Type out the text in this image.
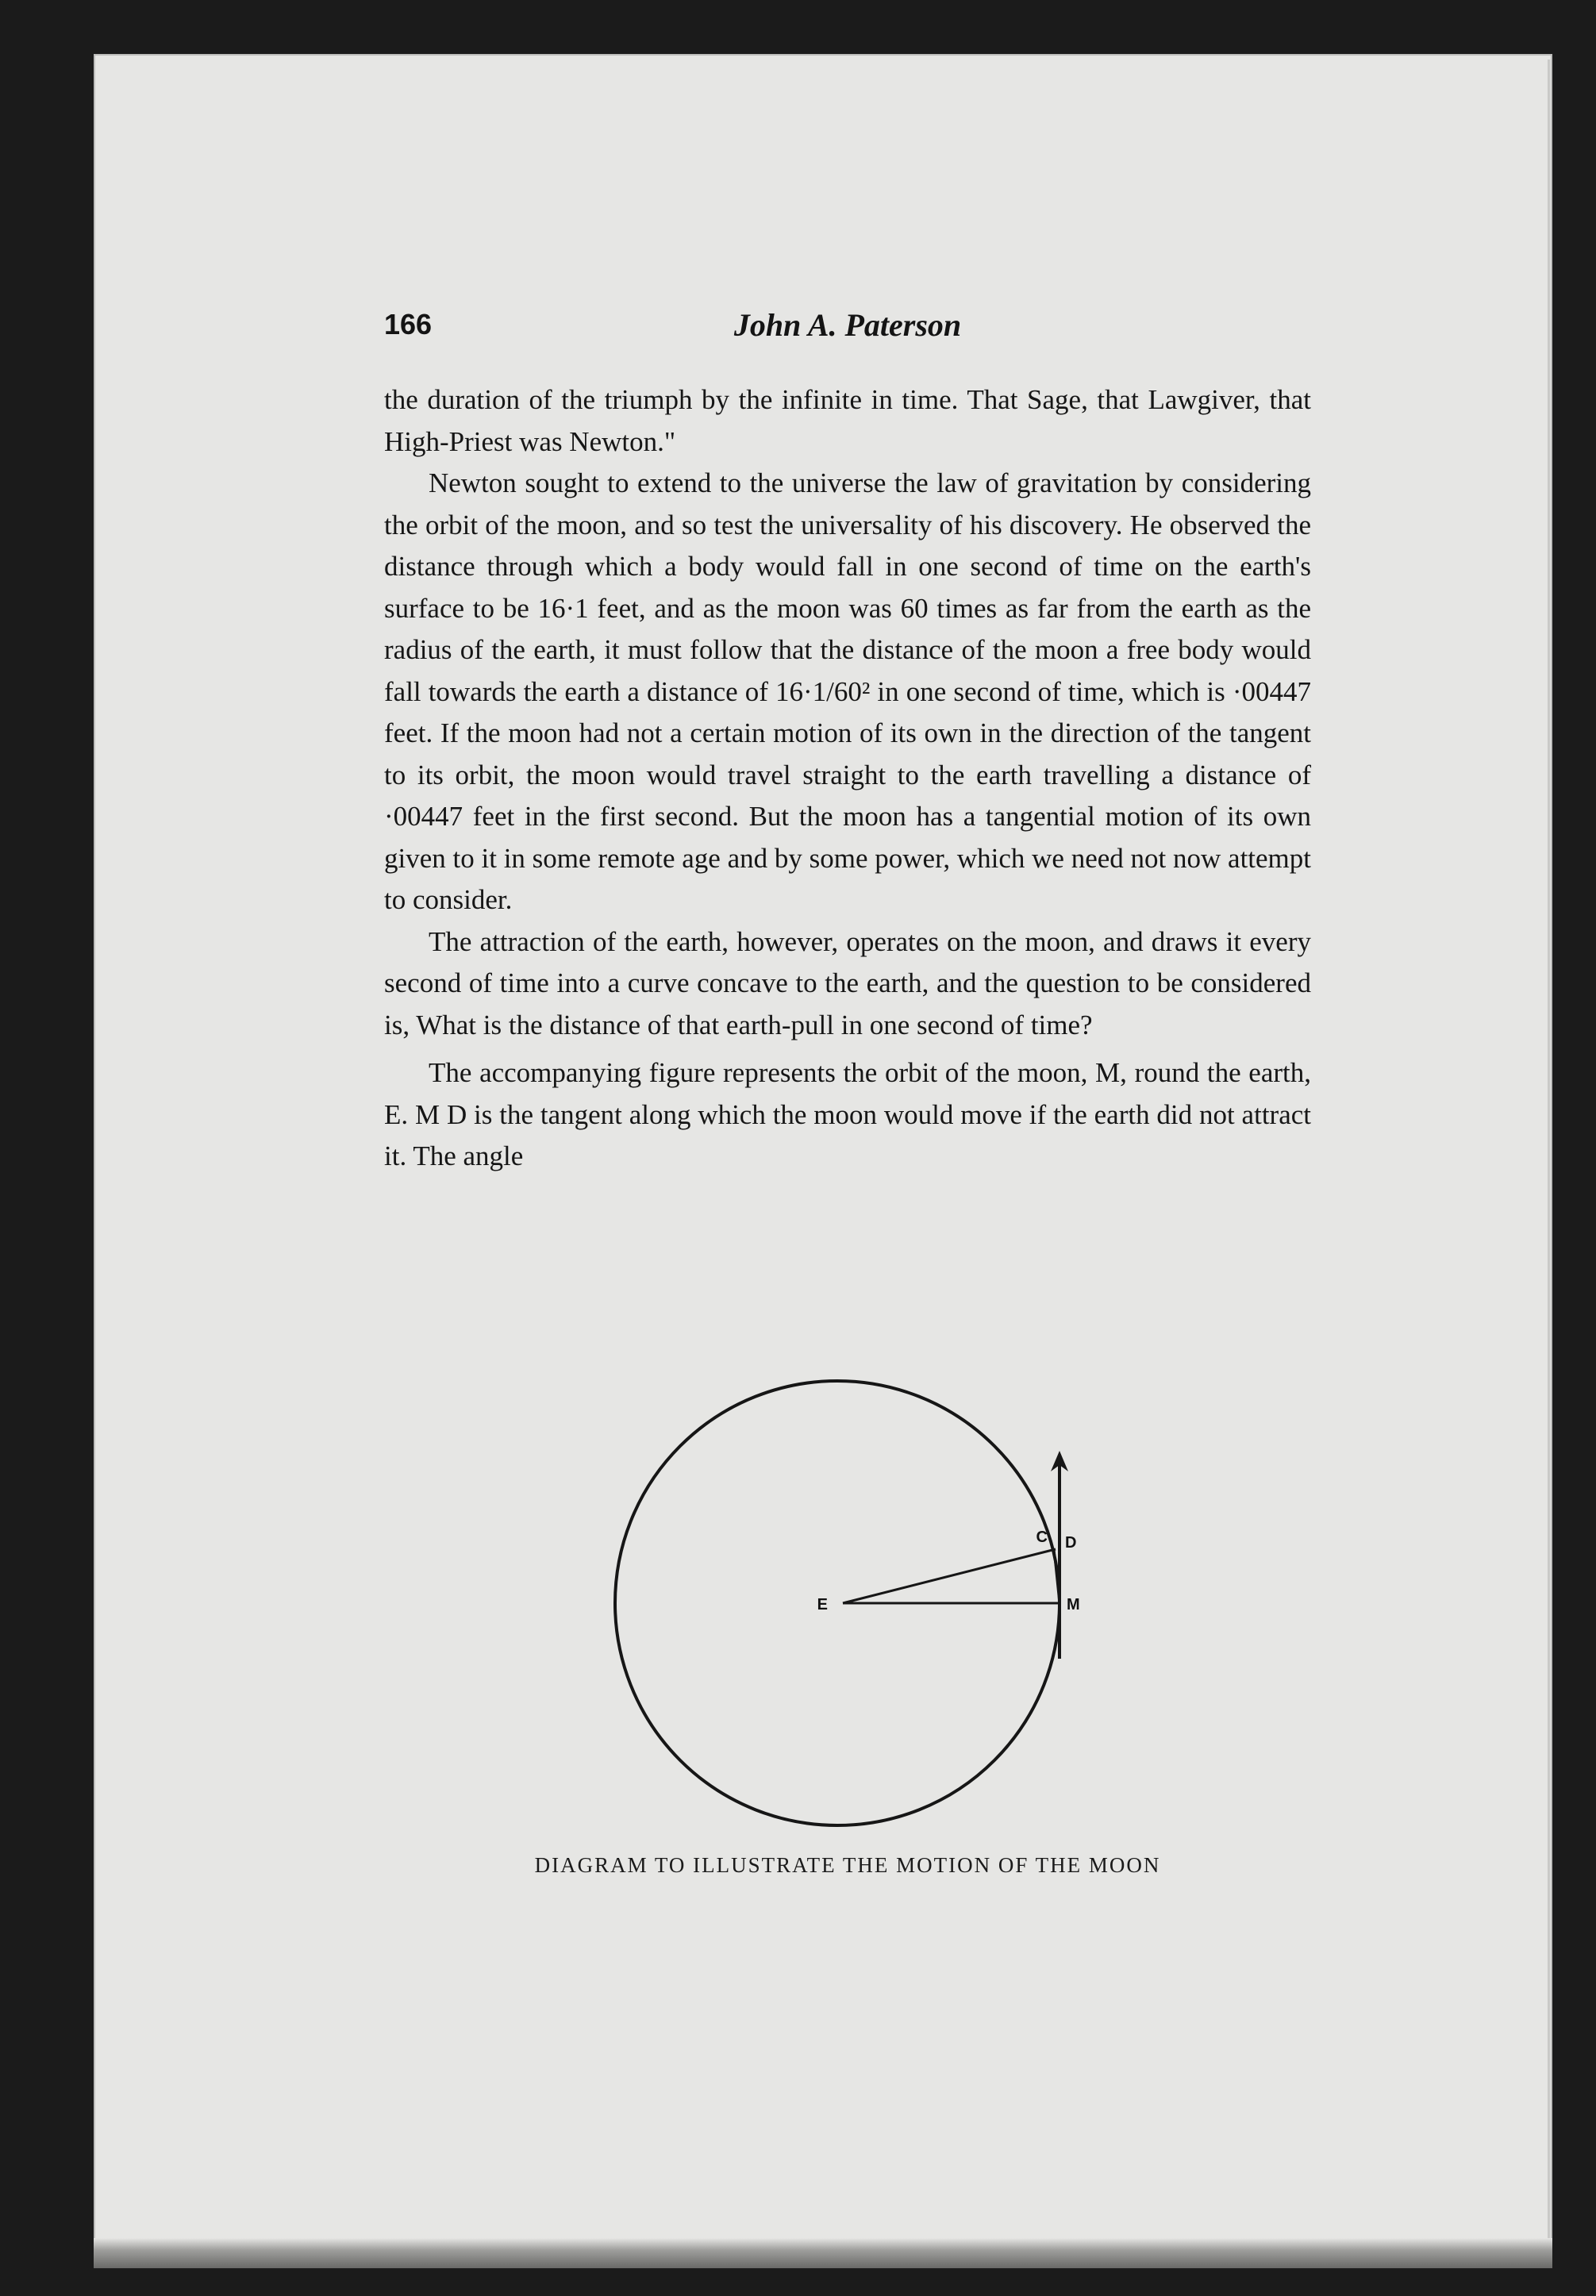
166	John A. Paterson

the duration of the triumph by the infinite in time. That Sage, that Lawgiver, that High-Priest was Newton."

Newton sought to extend to the universe the law of gravitation by considering the orbit of the moon, and so test the universality of his discovery. He observed the distance through which a body would fall in one second of time on the earth's surface to be 16·1 feet, and as the moon was 60 times as far from the earth as the radius of the earth, it must follow that the distance of the moon a free body would fall towards the earth a distance of 16·1/60² in one second of time, which is ·00447 feet. If the moon had not a certain motion of its own in the direction of the tangent to its orbit, the moon would travel straight to the earth travelling a distance of ·00447 feet in the first second. But the moon has a tangential motion of its own given to it in some remote age and by some power, which we need not now attempt to consider.

The attraction of the earth, however, operates on the moon, and draws it every second of time into a curve concave to the earth, and the question to be considered is, What is the distance of that earth-pull in one second of time?

The accompanying figure represents the orbit of the moon, M, round the earth, E. M D is the tangent along which the moon would move if the earth did not attract it. The angle

E
C D
M
DIAGRAM TO ILLUSTRATE THE MOTION OF THE MOON
